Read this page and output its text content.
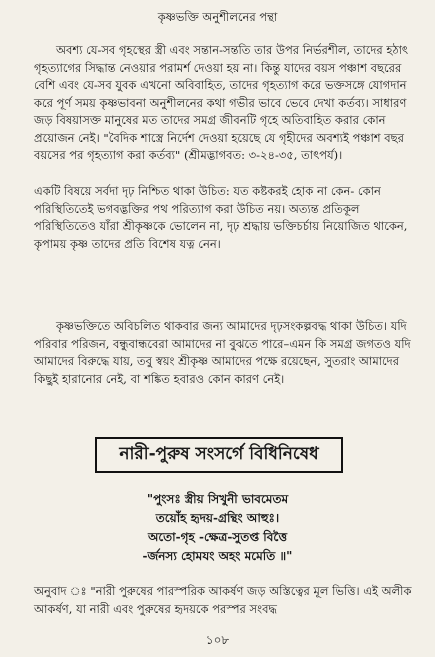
কৃষ্ণভক্তি অনুশীলনের পন্থা
অবশ্য যে-সব গৃহস্থের স্ত্রী এবং সন্তান-সন্ততি তার উপর নির্ভরশীল, তাদের হঠাৎ গৃহত্যাগের সিদ্ধান্ত নেওয়ার পরামর্শ দেওয়া হয় না। কিন্তু যাদের বয়স পঞ্চাশ বছরের বেশি এবং যে-সব যুবক এখনো অবিবাহিত, তাদের গৃহত্যাগ করে ভক্তসঙ্গে যোগদান করে পূর্ণ সময় কৃষ্ণভাবনা অনুশীলনের কথা গভীর ভাবে ভেবে দেখা কর্তব্য। সাধারণ জড় বিষয়াসক্ত মানুষের মত তাদের সমগ্র জীবনটি গৃহে অতিবাহিত করার কোন প্রয়োজন নেই। "বৈদিক শাস্ত্রে নির্দেশ দেওয়া হয়েছে যে গৃহীদের অবশ্যই পঞ্চাশ বছর বয়সের পর গৃহত্যাগ করা কর্তব্য" (শ্রীমদ্ভাগবত: ৩-২৪-৩৫, তাৎপর্য)।
একটি বিষয়ে সর্বদা দৃঢ় নিশ্চিত থাকা উচিত: যত কষ্টকরই হোক না কেন- কোন পরিস্থিতিতেই ভগবদ্ভক্তির পথ পরিত্যাগ করা উচিত নয়। অত্যন্ত প্রতিকূল পরিস্থিতিতেও যাঁরা শ্রীকৃষ্ণকে ভোলেন না, দৃঢ় শ্রদ্ধায় ভক্তিচর্চায় নিয়োজিত থাকেন, কৃপাময় কৃষ্ণ তাদের প্রতি বিশেষ যত্ন নেন।
কৃষ্ণভক্তিতে অবিচলিত থাকবার জন্য আমাদের দৃঢ়সংকল্পবদ্ধ থাকা উচিত। যদি পরিবার পরিজন, বন্ধুবান্ধবেরা আমাদের না বুঝতে পারে–এমন কি সমগ্র জগতও যদি আমাদের বিরুদ্ধে যায়, তবু স্বয়ং শ্রীকৃষ্ণ আমাদের পক্ষে রয়েছেন, সুতরাং আমাদের কিছুই হারানোর নেই, বা শঙ্কিত হবারও কোন কারণ নেই।
নারী-পুরুষ সংসর্গে বিধিনিষেধ
"পুংসঃ স্ত্রীয় সিখুনী ভাবমেতম
তয়োঁহ হৃদয়-গ্রন্থিং আহুঃ।
অতো-গৃহ -ক্ষেত্র-সুতপ্ত বিত্তৈ
-র্জনস্য হোমযং অহং মমেতি ॥"
অনুবাদ ঃ "নারী পুরুষের পারস্পরিক আকর্ষণ জড় অস্তিত্বের মূল ভিত্তি। এই অলীক আকর্ষণ, যা নারী এবং পুরুষের হৃদয়কে পরস্পর সংবদ্ধ
১০৮
